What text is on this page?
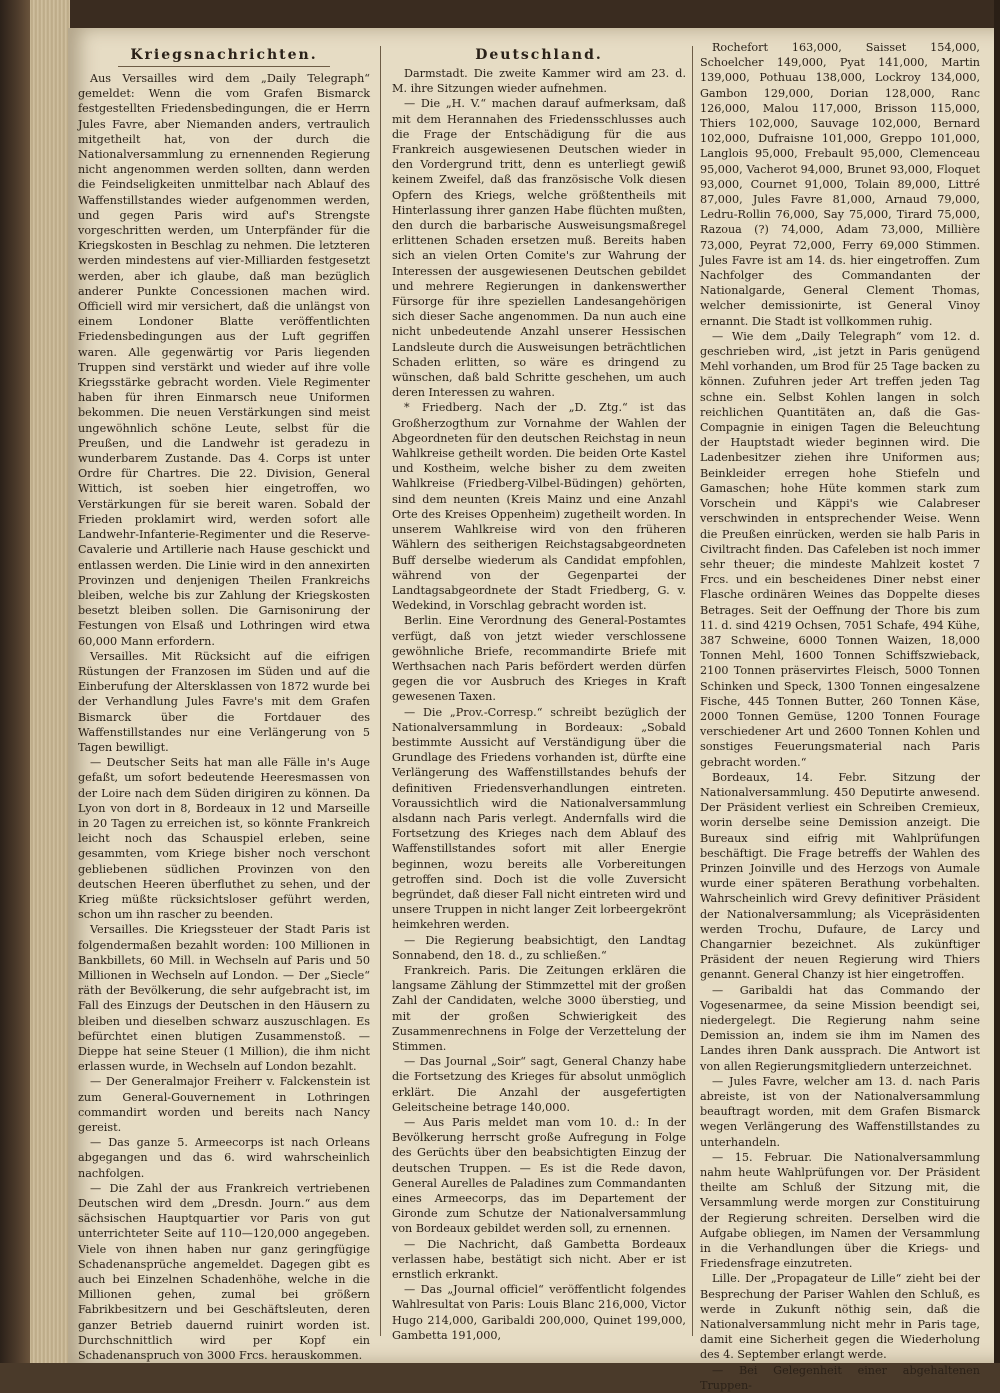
Kriegsnachrichten.

Aus Versailles wird dem „Daily Telegraph“ gemeldet: Wenn die vom Grafen Bismarck festgestellten Friedensbedingungen, die er Herrn Jules Favre, aber Niemanden anders, vertraulich mitgetheilt hat, von der durch die Nationalversammlung zu ernennenden Regierung nicht angenommen werden sollten, dann werden die Feindseligkeiten unmittelbar nach Ablauf des Waffenstillstandes wieder aufgenommen werden, und gegen Paris wird auf's Strengste vorgeschritten werden, um Unterpfänder für die Kriegskosten in Beschlag zu nehmen. Die letzteren werden mindestens auf vier-Milliarden festgesetzt werden, aber ich glaube, daß man bezüglich anderer Punkte Concessionen machen wird. Officiell wird mir versichert, daß die unlängst von einem Londoner Blatte veröffentlichten Friedensbedingungen aus der Luft gegriffen waren. Alle gegenwärtig vor Paris liegenden Truppen sind verstärkt und wieder auf ihre volle Kriegsstärke gebracht worden. Viele Regimenter haben für ihren Einmarsch neue Uniformen bekommen. Die neuen Verstärkungen sind meist ungewöhnlich schöne Leute, selbst für die Preußen, und die Landwehr ist geradezu in wunderbarem Zustande. Das 4. Corps ist unter Ordre für Chartres. Die 22. Division, General Wittich, ist soeben hier eingetroffen, wo Verstärkungen für sie bereit waren. Sobald der Frieden proklamirt wird, werden sofort alle Landwehr-Infanterie-Regimenter und die Reserve-Cavalerie und Artillerie nach Hause geschickt und entlassen werden. Die Linie wird in den annexirten Provinzen und denjenigen Theilen Frankreichs bleiben, welche bis zur Zahlung der Kriegskosten besetzt bleiben sollen. Die Garnisonirung der Festungen von Elsaß und Lothringen wird etwa 60,000 Mann erfordern.

Versailles. Mit Rücksicht auf die eifrigen Rüstungen der Franzosen im Süden und auf die Einberufung der Altersklassen von 1872 wurde bei der Verhandlung Jules Favre's mit dem Grafen Bismarck über die Fortdauer des Waffenstillstandes nur eine Verlängerung von 5 Tagen bewilligt.

— Deutscher Seits hat man alle Fälle in's Auge gefaßt, um sofort bedeutende Heeresmassen von der Loire nach dem Süden dirigiren zu können. Da Lyon von dort in 8, Bordeaux in 12 und Marseille in 20 Tagen zu erreichen ist, so könnte Frankreich leicht noch das Schauspiel erleben, seine gesammten, vom Kriege bisher noch verschont gebliebenen südlichen Provinzen von den deutschen Heeren überfluthet zu sehen, und der Krieg müßte rücksichtsloser geführt werden, schon um ihn rascher zu beenden.

Versailles. Die Kriegssteuer der Stadt Paris ist folgendermaßen bezahlt worden: 100 Millionen in Bankbillets, 60 Mill. in Wechseln auf Paris und 50 Millionen in Wechseln auf London. — Der „Siecle“ räth der Bevölkerung, die sehr aufgebracht ist, im Fall des Einzugs der Deutschen in den Häusern zu bleiben und dieselben schwarz auszuschlagen. Es befürchtet einen blutigen Zusammenstoß. — Dieppe hat seine Steuer (1 Million), die ihm nicht erlassen wurde, in Wechseln auf London bezahlt.

— Der Generalmajor Freiherr v. Falckenstein ist zum General-Gouvernement in Lothringen commandirt worden und bereits nach Nancy gereist.

— Das ganze 5. Armeecorps ist nach Orleans abgegangen und das 6. wird wahrscheinlich nachfolgen.

— Die Zahl der aus Frankreich vertriebenen Deutschen wird dem „Dresdn. Journ.“ aus dem sächsischen Hauptquartier vor Paris von gut unterrichteter Seite auf 110—120,000 angegeben. Viele von ihnen haben nur ganz geringfügige Schadenansprüche angemeldet. Dagegen gibt es auch bei Einzelnen Schadenhöhe, welche in die Millionen gehen, zumal bei größern Fabrikbesitzern und bei Geschäftsleuten, deren ganzer Betrieb dauernd ruinirt worden ist. Durchschnittlich wird per Kopf ein Schadenanspruch von 3000 Frcs. herauskommen.

Deutschland.

Darmstadt. Die zweite Kammer wird am 23. d. M. ihre Sitzungen wieder aufnehmen.

— Die „H. V.“ machen darauf aufmerksam, daß mit dem Herannahen des Friedensschlusses auch die Frage der Entschädigung für die aus Frankreich ausgewiesenen Deutschen wieder in den Vordergrund tritt, denn es unterliegt gewiß keinem Zweifel, daß das französische Volk diesen Opfern des Kriegs, welche größtentheils mit Hinterlassung ihrer ganzen Habe flüchten mußten, den durch die barbarische Ausweisungsmaßregel erlittenen Schaden ersetzen muß. Bereits haben sich an vielen Orten Comite's zur Wahrung der Interessen der ausgewiesenen Deutschen gebildet und mehrere Regierungen in dankenswerther Fürsorge für ihre speziellen Landesangehörigen sich dieser Sache angenommen. Da nun auch eine nicht unbedeutende Anzahl unserer Hessischen Landsleute durch die Ausweisungen beträchtlichen Schaden erlitten, so wäre es dringend zu wünschen, daß bald Schritte geschehen, um auch deren Interessen zu wahren.

* Friedberg. Nach der „D. Ztg.“ ist das Großherzogthum zur Vornahme der Wahlen der Abgeordneten für den deutschen Reichstag in neun Wahlkreise getheilt worden. Die beiden Orte Kastel und Kostheim, welche bisher zu dem zweiten Wahlkreise (Friedberg-Vilbel-Büdingen) gehörten, sind dem neunten (Kreis Mainz und eine Anzahl Orte des Kreises Oppenheim) zugetheilt worden. In unserem Wahlkreise wird von den früheren Wählern des seitherigen Reichstagsabgeordneten Buff derselbe wiederum als Candidat empfohlen, während von der Gegenpartei der Landtagsabgeordnete der Stadt Friedberg, G. v. Wedekind, in Vorschlag gebracht worden ist.

Berlin. Eine Verordnung des General-Postamtes verfügt, daß von jetzt wieder verschlossene gewöhnliche Briefe, recommandirte Briefe mit Werthsachen nach Paris befördert werden dürfen gegen die vor Ausbruch des Krieges in Kraft gewesenen Taxen.

— Die „Prov.-Corresp.“ schreibt bezüglich der Nationalversammlung in Bordeaux: „Sobald bestimmte Aussicht auf Verständigung über die Grundlage des Friedens vorhanden ist, dürfte eine Verlängerung des Waffenstillstandes behufs der definitiven Friedensverhandlungen eintreten. Voraussichtlich wird die Nationalversammlung alsdann nach Paris verlegt. Andernfalls wird die Fortsetzung des Krieges nach dem Ablauf des Waffenstillstandes sofort mit aller Energie beginnen, wozu bereits alle Vorbereitungen getroffen sind. Doch ist die volle Zuversicht begründet, daß dieser Fall nicht eintreten wird und unsere Truppen in nicht langer Zeit lorbeergekrönt heimkehren werden.

— Die Regierung beabsichtigt, den Landtag Sonnabend, den 18. d., zu schließen.“

Frankreich. Paris. Die Zeitungen erklären die langsame Zählung der Stimmzettel mit der großen Zahl der Candidaten, welche 3000 überstieg, und mit der großen Schwierigkeit des Zusammenrechnens in Folge der Verzettelung der Stimmen.

— Das Journal „Soir“ sagt, General Chanzy habe die Fortsetzung des Krieges für absolut unmöglich erklärt. Die Anzahl der ausgefertigten Geleitscheine betrage 140,000.

— Aus Paris meldet man vom 10. d.: In der Bevölkerung herrscht große Aufregung in Folge des Gerüchts über den beabsichtigten Einzug der deutschen Truppen. — Es ist die Rede davon, General Aurelles de Paladines zum Commandanten eines Armeecorps, das im Departement der Gironde zum Schutze der Nationalversammlung von Bordeaux gebildet werden soll, zu ernennen.

— Die Nachricht, daß Gambetta Bordeaux verlassen habe, bestätigt sich nicht. Aber er ist ernstlich erkrankt.

— Das „Journal officiel“ veröffentlicht folgendes Wahlresultat von Paris: Louis Blanc 216,000, Victor Hugo 214,000, Garibaldi 200,000, Quinet 199,000, Gambetta 191,000,

Rochefort 163,000, Saisset 154,000, Schoelcher 149,000, Pyat 141,000, Martin 139,000, Pothuau 138,000, Lockroy 134,000, Gambon 129,000, Dorian 128,000, Ranc 126,000, Malou 117,000, Brisson 115,000, Thiers 102,000, Sauvage 102,000, Bernard 102,000, Dufraisne 101,000, Greppo 101,000, Langlois 95,000, Frebault 95,000, Clemenceau 95,000, Vacherot 94,000, Brunet 93,000, Floquet 93,000, Cournet 91,000, Tolain 89,000, Littré 87,000, Jules Favre 81,000, Arnaud 79,000, Ledru-Rollin 76,000, Say 75,000, Tirard 75,000, Razoua (?) 74,000, Adam 73,000, Millière 73,000, Peyrat 72,000, Ferry 69,000 Stimmen. Jules Favre ist am 14. ds. hier eingetroffen. Zum Nachfolger des Commandanten der Nationalgarde, General Clement Thomas, welcher demissionirte, ist General Vinoy ernannt. Die Stadt ist vollkommen ruhig.

— Wie dem „Daily Telegraph“ vom 12. d. geschrieben wird, „ist jetzt in Paris genügend Mehl vorhanden, um Brod für 25 Tage backen zu können. Zufuhren jeder Art treffen jeden Tag schne ein. Selbst Kohlen langen in solch reichlichen Quantitäten an, daß die Gas-Compagnie in einigen Tagen die Beleuchtung der Hauptstadt wieder beginnen wird. Die Ladenbesitzer ziehen ihre Uniformen aus; Beinkleider erregen hohe Stiefeln und Gamaschen; hohe Hüte kommen stark zum Vorschein und Käppi's wie Calabreser verschwinden in entsprechender Weise. Wenn die Preußen einrücken, werden sie halb Paris in Civiltracht finden. Das Cafeleben ist noch immer sehr theuer; die mindeste Mahlzeit kostet 7 Frcs. und ein bescheidenes Diner nebst einer Flasche ordinären Weines das Doppelte dieses Betrages. Seit der Oeffnung der Thore bis zum 11. d. sind 4219 Ochsen, 7051 Schafe, 494 Kühe, 387 Schweine, 6000 Tonnen Waizen, 18,000 Tonnen Mehl, 1600 Tonnen Schiffszwieback, 2100 Tonnen präservirtes Fleisch, 5000 Tonnen Schinken und Speck, 1300 Tonnen eingesalzene Fische, 445 Tonnen Butter, 260 Tonnen Käse, 2000 Tonnen Gemüse, 1200 Tonnen Fourage verschiedener Art und 2600 Tonnen Kohlen und sonstiges Feuerungsmaterial nach Paris gebracht worden.“

Bordeaux, 14. Febr. Sitzung der Nationalversammlung. 450 Deputirte anwesend. Der Präsident verliest ein Schreiben Cremieux, worin derselbe seine Demission anzeigt. Die Bureaux sind eifrig mit Wahlprüfungen beschäftigt. Die Frage betreffs der Wahlen des Prinzen Joinville und des Herzogs von Aumale wurde einer späteren Berathung vorbehalten. Wahrscheinlich wird Grevy definitiver Präsident der Nationalversammlung; als Vicepräsidenten werden Trochu, Dufaure, de Larcy und Changarnier bezeichnet. Als zukünftiger Präsident der neuen Regierung wird Thiers genannt. General Chanzy ist hier eingetroffen.

— Garibaldi hat das Commando der Vogesenarmee, da seine Mission beendigt sei, niedergelegt. Die Regierung nahm seine Demission an, indem sie ihm im Namen des Landes ihren Dank aussprach. Die Antwort ist von allen Regierungsmitgliedern unterzeichnet.

— Jules Favre, welcher am 13. d. nach Paris abreiste, ist von der Nationalversammlung beauftragt worden, mit dem Grafen Bismarck wegen Verlängerung des Waffenstillstandes zu unterhandeln.

— 15. Februar. Die Nationalversammlung nahm heute Wahlprüfungen vor. Der Präsident theilte am Schluß der Sitzung mit, die Versammlung werde morgen zur Constituirung der Regierung schreiten. Derselben wird die Aufgabe obliegen, im Namen der Versammlung in die Verhandlungen über die Kriegs- und Friedensfrage einzutreten.

Lille. Der „Propagateur de Lille“ zieht bei der Besprechung der Pariser Wahlen den Schluß, es werde in Zukunft nöthig sein, daß die Nationalversammlung nicht mehr in Paris tage, damit eine Sicherheit gegen die Wiederholung des 4. September erlangt werde.

— Bei Gelegenheit einer abgehaltenen Truppen-
